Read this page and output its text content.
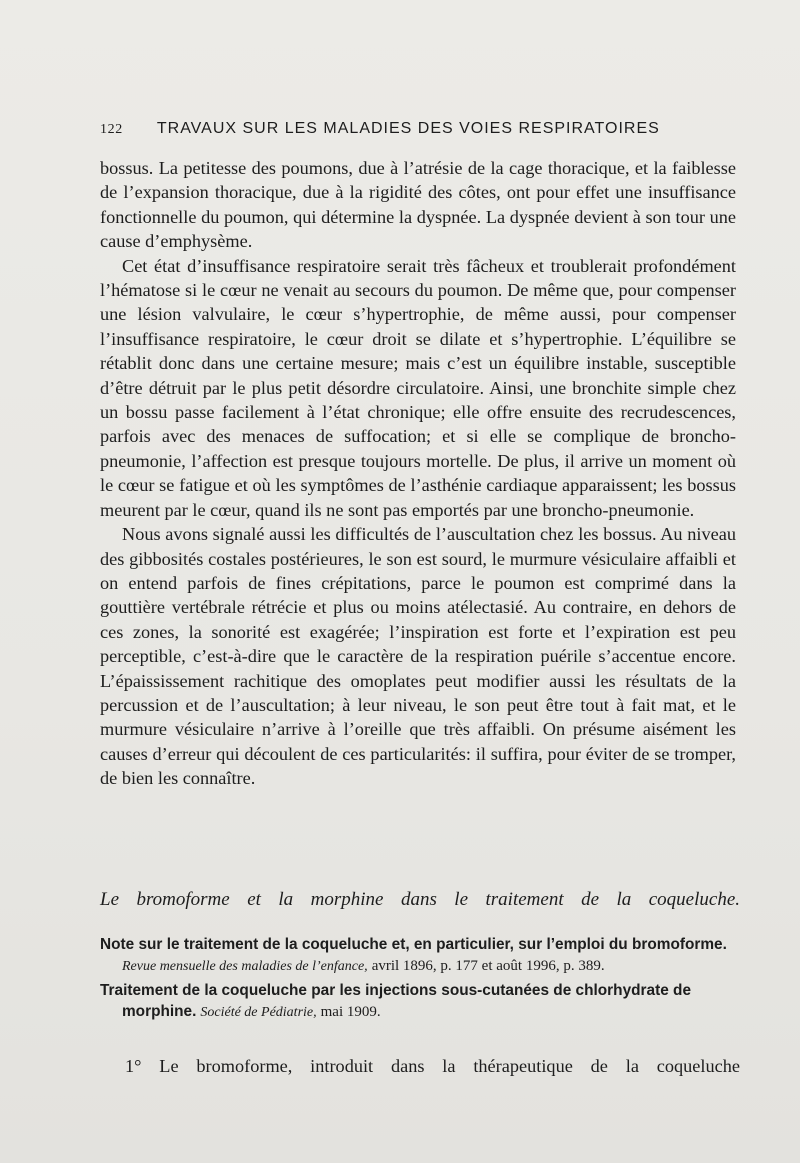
122 TRAVAUX SUR LES MALADIES DES VOIES RESPIRATOIRES

bossus. La petitesse des poumons, due à l’atrésie de la cage thoracique, et la faiblesse de l’expansion thoracique, due à la rigidité des côtes, ont pour effet une insuffisance fonctionnelle du poumon, qui détermine la dyspnée. La dyspnée devient à son tour une cause d’emphysème.

Cet état d’insuffisance respiratoire serait très fâcheux et troublerait profondément l’hématose si le cœur ne venait au secours du poumon. De même que, pour compenser une lésion valvulaire, le cœur s’hypertrophie, de même aussi, pour compenser l’insuffisance respiratoire, le cœur droit se dilate et s’hypertrophie. L’équilibre se rétablit donc dans une certaine mesure; mais c’est un équilibre instable, susceptible d’être détruit par le plus petit désordre circulatoire. Ainsi, une bronchite simple chez un bossu passe facilement à l’état chronique; elle offre ensuite des recrudescences, parfois avec des menaces de suffocation; et si elle se complique de broncho-pneumonie, l’affection est presque toujours mortelle. De plus, il arrive un moment où le cœur se fatigue et où les symptômes de l’asthénie cardiaque apparaissent; les bossus meurent par le cœur, quand ils ne sont pas emportés par une broncho-pneumonie.

Nous avons signalé aussi les difficultés de l’auscultation chez les bossus. Au niveau des gibbosités costales postérieures, le son est sourd, le murmure vésiculaire affaibli et on entend parfois de fines crépitations, parce le poumon est comprimé dans la gouttière vertébrale rétrécie et plus ou moins atélectasié. Au contraire, en dehors de ces zones, la sonorité est exagérée; l’inspiration est forte et l’expiration est peu perceptible, c’est-à-dire que le caractère de la respiration puérile s’accentue encore. L’épaississement rachitique des omoplates peut modifier aussi les résultats de la percussion et de l’auscultation; à leur niveau, le son peut être tout à fait mat, et le murmure vésiculaire n’arrive à l’oreille que très affaibli. On présume aisément les causes d’erreur qui découlent de ces particularités: il suffira, pour éviter de se tromper, de bien les connaître.

Le bromoforme et la morphine dans le traitement de la coqueluche.
Note sur le traitement de la coqueluche et, en particulier, sur l’emploi du bromoforme. Revue mensuelle des maladies de l’enfance, avril 1896, p. 177 et août 1996, p. 389.
Traitement de la coqueluche par les injections sous-cutanées de chlorhydrate de morphine. Société de Pédiatrie, mai 1909.
1° Le bromoforme, introduit dans la thérapeutique de la coqueluche
